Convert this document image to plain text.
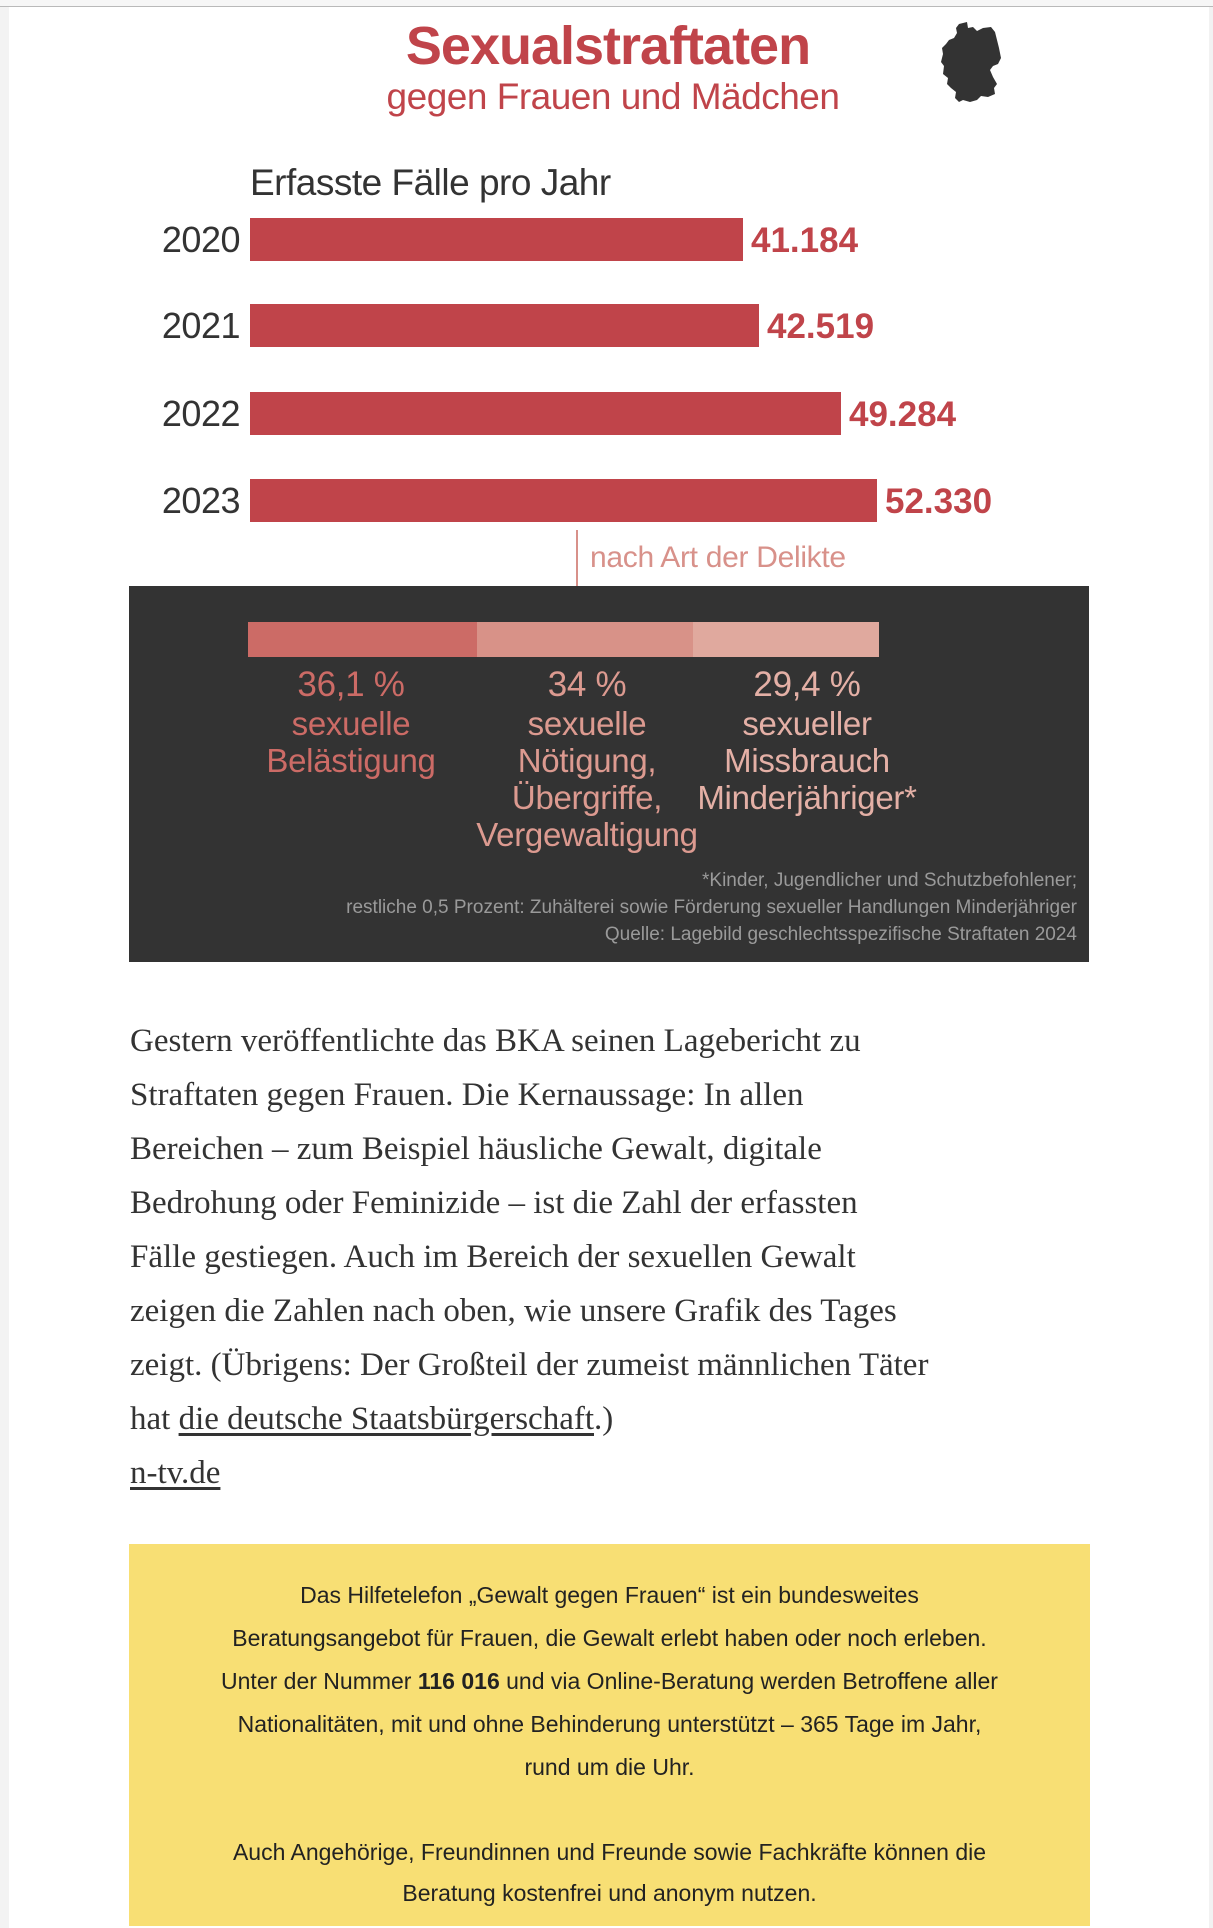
Sexualstraftaten
gegen Frauen und Mädchen
Erfasste Fälle pro Jahr
2020	41.184
2021	42.519
2022	49.284
2023	52.330
nach Art der Delikte
36,1 %
sexuelle
Belästigung
34 %
sexuelle
Nötigung,
Übergriffe,
Vergewaltigung
29,4 %
sexueller
Missbrauch
Minderjähriger*
*Kinder, Jugendlicher und Schutzbefohlener;
restliche 0,5 Prozent: Zuhälterei sowie Förderung sexueller Handlungen Minderjähriger
Quelle: Lagebild geschlechtsspezifische Straftaten 2024
Gestern veröffentlichte das BKA seinen Lagebericht zu
Straftaten gegen Frauen. Die Kernaussage: In allen
Bereichen – zum Beispiel häusliche Gewalt, digitale
Bedrohung oder Feminizide – ist die Zahl der erfassten
Fälle gestiegen. Auch im Bereich der sexuellen Gewalt
zeigen die Zahlen nach oben, wie unsere Grafik des Tages
zeigt. (Übrigens: Der Großteil der zumeist männlichen Täter
hat die deutsche Staatsbürgerschaft.)
n-tv.de
Das Hilfetelefon „Gewalt gegen Frauen“ ist ein bundesweites
Beratungsangebot für Frauen, die Gewalt erlebt haben oder noch erleben.
Unter der Nummer 116 016 und via Online-Beratung werden Betroffene aller
Nationalitäten, mit und ohne Behinderung unterstützt – 365 Tage im Jahr,
rund um die Uhr.
Auch Angehörige, Freundinnen und Freunde sowie Fachkräfte können die
Beratung kostenfrei und anonym nutzen.
